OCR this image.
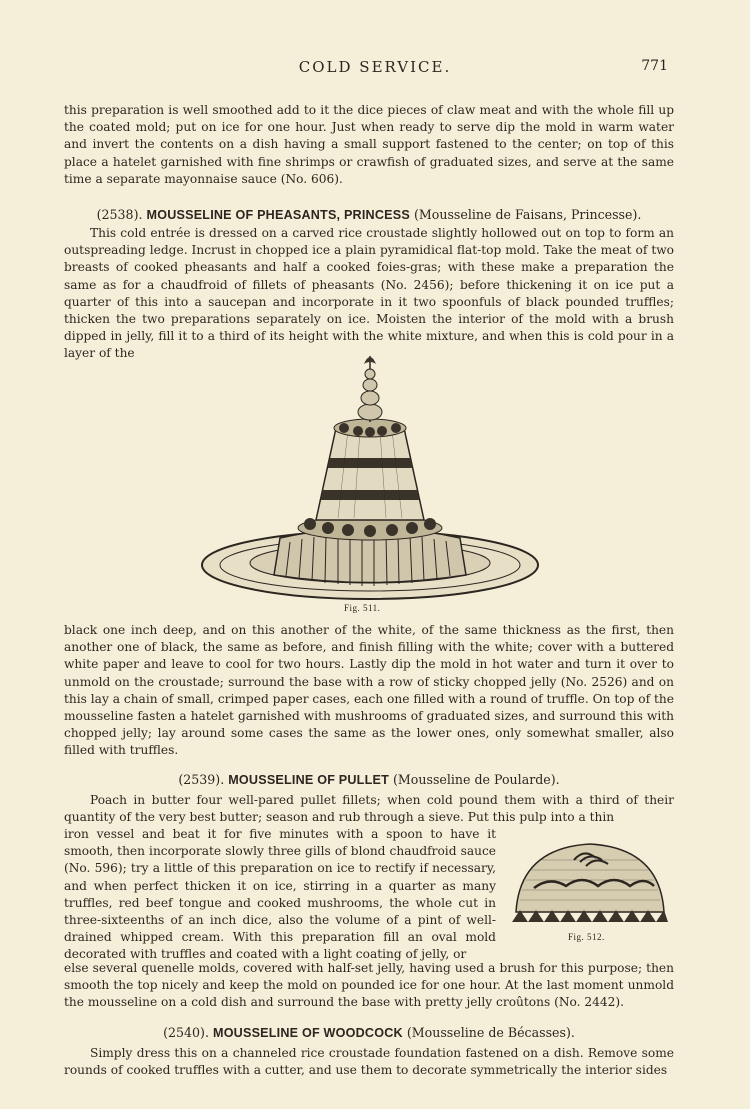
COLD SERVICE.	771

this preparation is well smoothed add to it the dice pieces of claw meat and with the whole fill up the coated mold; put on ice for one hour. Just when ready to serve dip the mold in warm water and invert the contents on a dish having a small support fastened to the center; on top of this place a hatelet garnished with fine shrimps or crawfish of graduated sizes, and serve at the same time a separate mayonnaise sauce (No. 606).

(2538). MOUSSELINE OF PHEASANTS, PRINCESS (Mousseline de Faisans, Princesse).

This cold entrée is dressed on a carved rice croustade slightly hollowed out on top to form an outspreading ledge. Incrust in chopped ice a plain pyramidical flat-top mold. Take the meat of two breasts of cooked pheasants and half a cooked foies-gras; with these make a preparation the same as for a chaudfroid of fillets of pheasants (No. 2456); before thickening it on ice put a quarter of this into a saucepan and incorporate in it two spoonfuls of black pounded truffles; thicken the two preparations separately on ice. Moisten the interior of the mold with a brush dipped in jelly, fill it to a third of its height with the white mixture, and when this is cold pour in a layer of the

Fig. 511.

black one inch deep, and on this another of the white, of the same thickness as the first, then another one of black, the same as before, and finish filling with the white; cover with a buttered white paper and leave to cool for two hours. Lastly dip the mold in hot water and turn it over to unmold on the croustade; surround the base with a row of sticky chopped jelly (No. 2526) and on this lay a chain of small, crimped paper cases, each one filled with a round of truffle. On top of the mousseline fasten a hatelet garnished with mushrooms of graduated sizes, and surround this with chopped jelly; lay around some cases the same as the lower ones, only somewhat smaller, also filled with truffles.

(2539). MOUSSELINE OF PULLET (Mousseline de Poularde).

Poach in butter four well-pared pullet fillets; when cold pound them with a third of their quantity of the very best butter; season and rub through a sieve. Put this pulp into a thin

iron vessel and beat it for five minutes with a spoon to have it smooth, then incorporate slowly three gills of blond chaudfroid sauce (No. 596); try a little of this preparation on ice to rectify if necessary, and when perfect thicken it on ice, stirring in a quarter as many truffles, red beef tongue and cooked mushrooms, the whole cut in three-sixteenths of an inch dice, also the volume of a pint of well-drained whipped cream. With this preparation fill an oval mold decorated with truffles and coated with a light coating of jelly, or

Fig. 512.

else several quenelle molds, covered with half-set jelly, having used a brush for this purpose; then smooth the top nicely and keep the mold on pounded ice for one hour. At the last moment unmold the mousseline on a cold dish and surround the base with pretty jelly croûtons (No. 2442).

(2540). MOUSSELINE OF WOODCOCK (Mousseline de Bécasses).

Simply dress this on a channeled rice croustade foundation fastened on a dish. Remove some rounds of cooked truffles with a cutter, and use them to decorate symmetrically the interior sides
